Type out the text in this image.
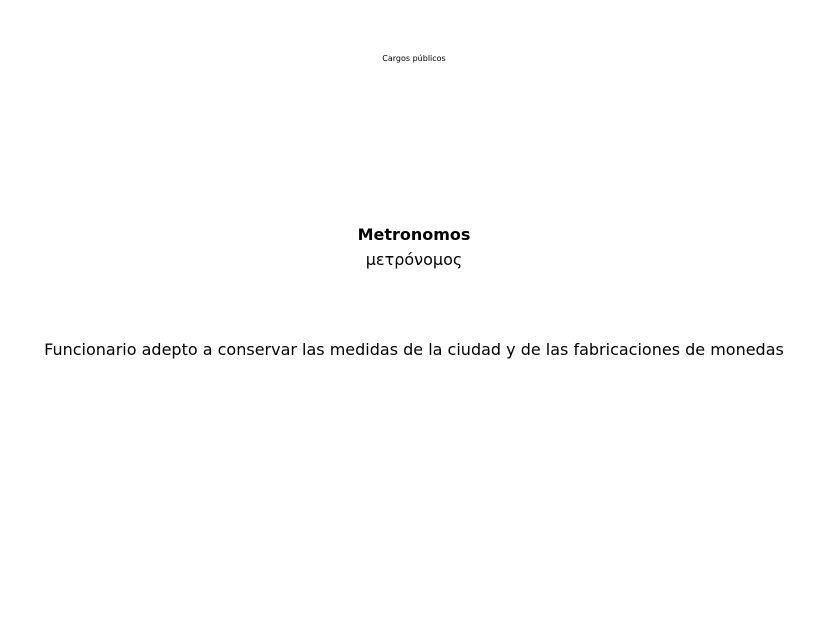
Cargos públicos
Metronomos
μετρόνομος
Funcionario adepto a conservar las medidas de la ciudad y de las fabricaciones de monedas
